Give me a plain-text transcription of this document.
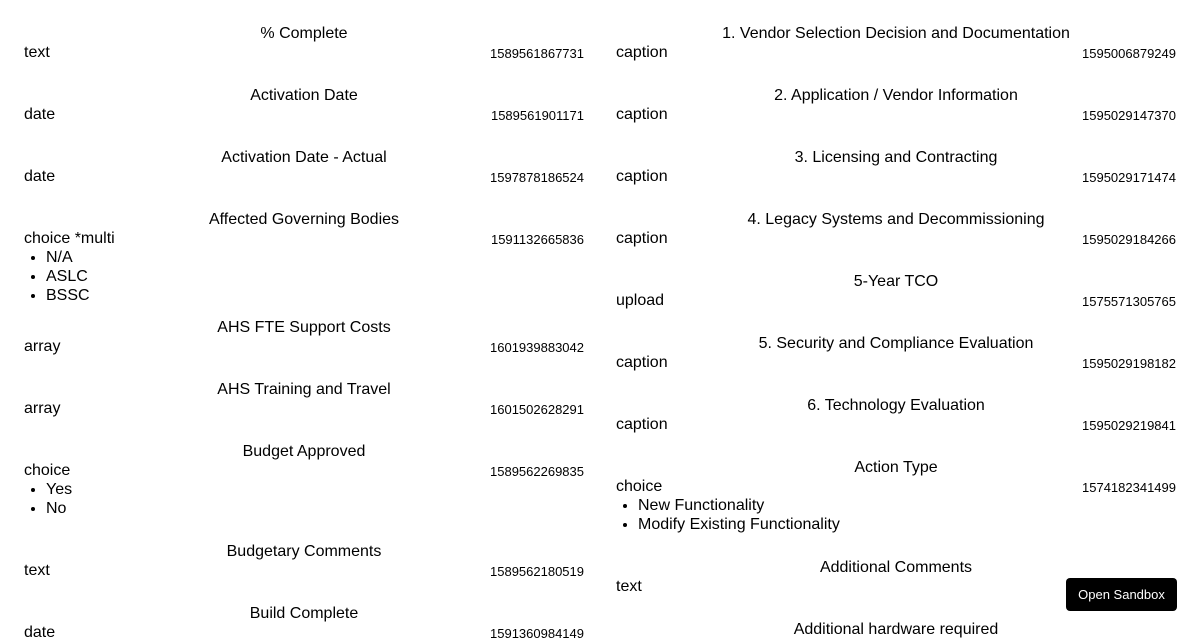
% Complete
text	1589561867731
Activation Date
date	1589561901171
Activation Date - Actual
date	1597878186524
Affected Governing Bodies
choice *multi	1591132665836
• N/A
• ASLC
• BSSC
AHS FTE Support Costs
array	1601939883042
AHS Training and Travel
array	1601502628291
Budget Approved
choice	1589562269835
• Yes
• No
Budgetary Comments
text	1589562180519
Build Complete
date	1591360984149
1. Vendor Selection Decision and Documentation
caption	1595006879249
2. Application / Vendor Information
caption	1595029147370
3. Licensing and Contracting
caption	1595029171474
4. Legacy Systems and Decommissioning
caption	1595029184266
5-Year TCO
upload	1575571305765
5. Security and Compliance Evaluation
caption	1595029198182
6. Technology Evaluation
caption	1595029219841
Action Type
choice	1574182341499
• New Functionality
• Modify Existing Functionality
Additional Comments
text
Additional hardware required
Open Sandbox
